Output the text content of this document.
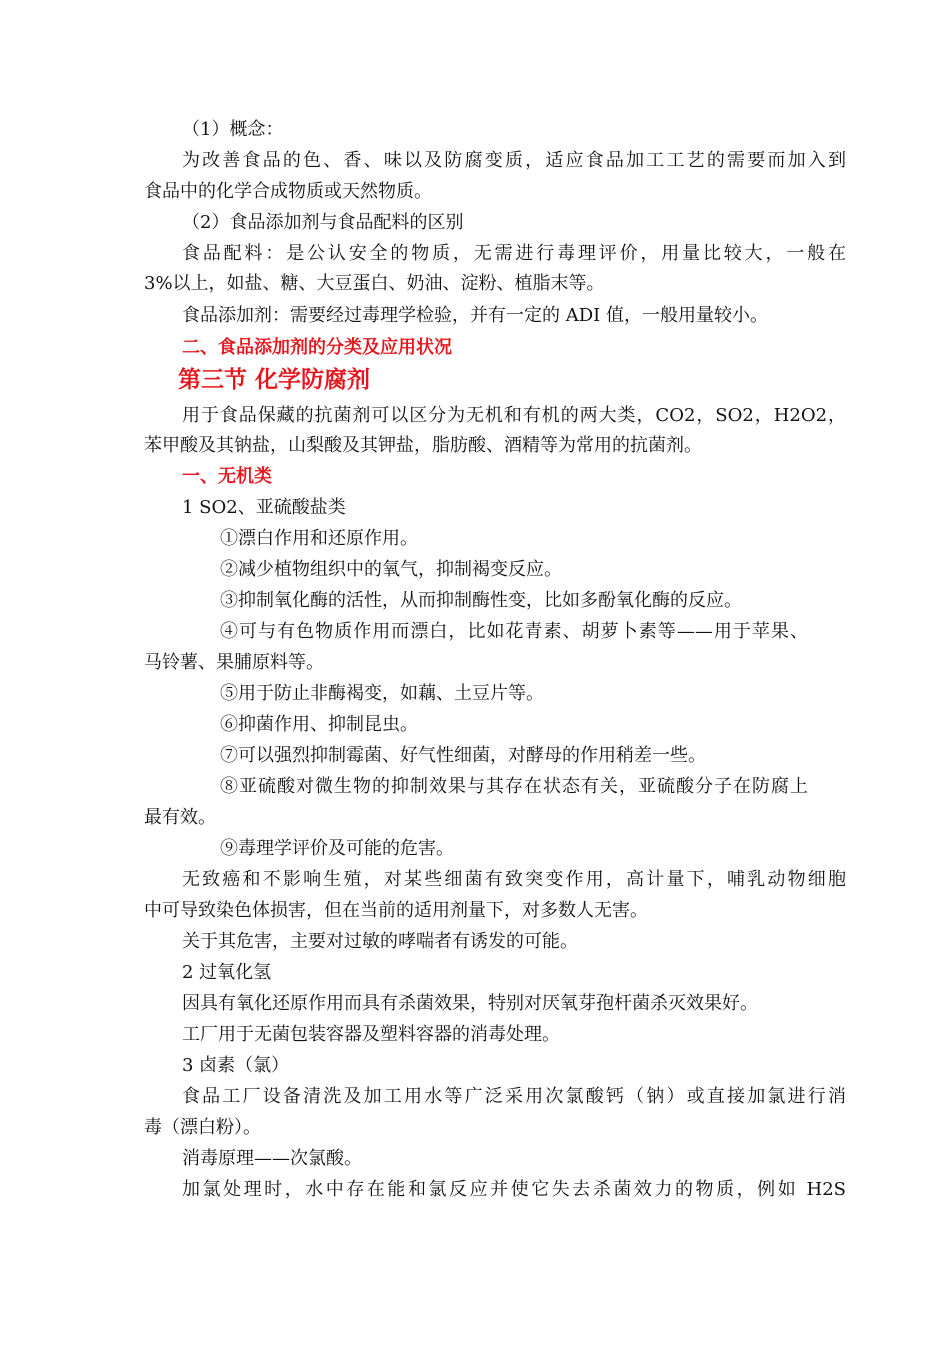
（1）概念：
为改善食品的色、香、味以及防腐变质，适应食品加工工艺的需要而加入到
食品中的化学合成物质或天然物质。
（2）食品添加剂与食品配料的区别
食品配料：是公认安全的物质，无需进行毒理评价，用量比较大，一般在
3%以上，如盐、糖、大豆蛋白、奶油、淀粉、植脂末等。
食品添加剂：需要经过毒理学检验，并有一定的 ADI 值，一般用量较小。
二、食品添加剂的分类及应用状况
第三节 化学防腐剂
用于食品保藏的抗菌剂可以区分为无机和有机的两大类，CO2，SO2，H2O2，
苯甲酸及其钠盐，山梨酸及其钾盐，脂肪酸、酒精等为常用的抗菌剂。
一、无机类
1 SO2、亚硫酸盐类
①漂白作用和还原作用。
②减少植物组织中的氧气，抑制褐变反应。
③抑制氧化酶的活性，从而抑制酶性变，比如多酚氧化酶的反应。
④可与有色物质作用而漂白，比如花青素、胡萝卜素等——用于苹果、
马铃薯、果脯原料等。
⑤用于防止非酶褐变，如藕、土豆片等。
⑥抑菌作用、抑制昆虫。
⑦可以强烈抑制霉菌、好气性细菌，对酵母的作用稍差一些。
⑧亚硫酸对微生物的抑制效果与其存在状态有关，亚硫酸分子在防腐上
最有效。
⑨毒理学评价及可能的危害。
无致癌和不影响生殖，对某些细菌有致突变作用，高计量下，哺乳动物细胞
中可导致染色体损害，但在当前的适用剂量下，对多数人无害。
关于其危害，主要对过敏的哮喘者有诱发的可能。
2 过氧化氢
因具有氧化还原作用而具有杀菌效果，特别对厌氧芽孢杆菌杀灭效果好。
工厂用于无菌包装容器及塑料容器的消毒处理。
3 卤素（氯）
食品工厂设备清洗及加工用水等广泛采用次氯酸钙（钠）或直接加氯进行消
毒（漂白粉）。
消毒原理——次氯酸。
加氯处理时，水中存在能和氯反应并使它失去杀菌效力的物质，例如 H2S
